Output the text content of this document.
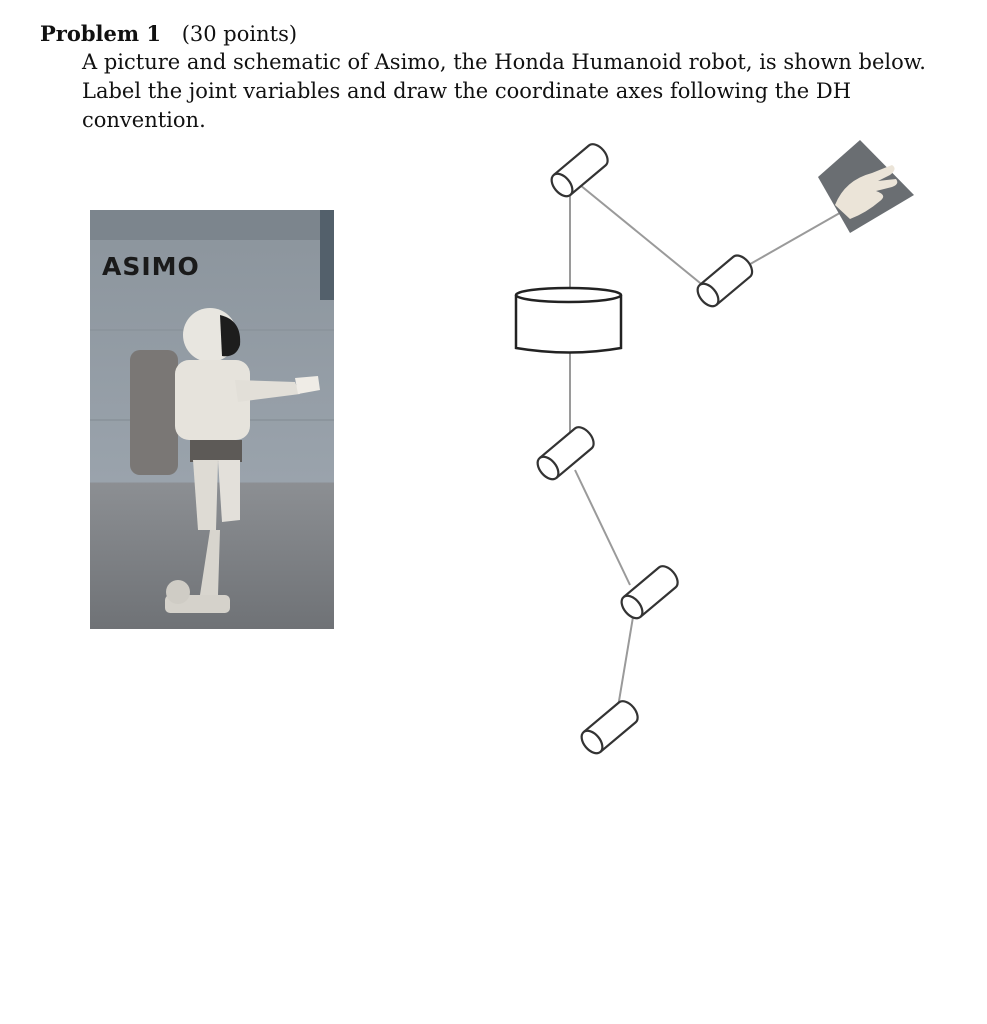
Problem 1 (30 points)
A picture and schematic of Asimo, the Honda Humanoid robot, is shown below. Label the joint variables and draw the coordinate axes following the DH convention.
ASIMO
